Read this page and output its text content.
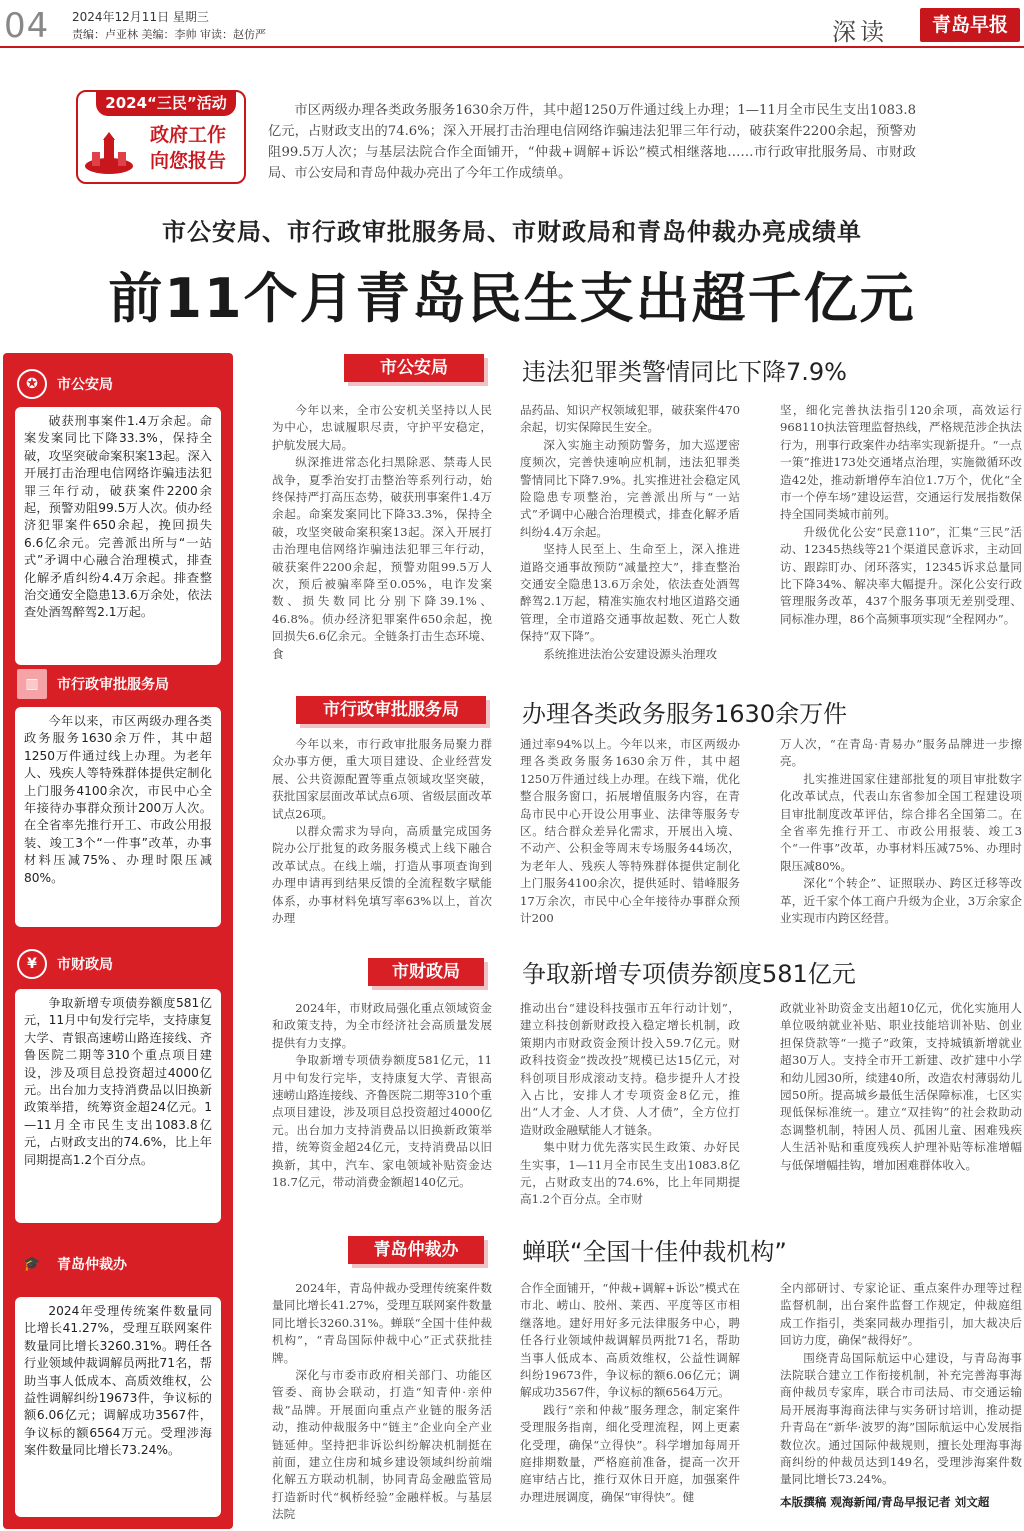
04 2024年12月11日 星期三
责编：卢亚林 美编：李帅 审读：赵仿严	深读	青岛早报
2024“三民”活动
政府工作
向您报告
市区两级办理各类政务服务1630余万件，其中超1250万件通过线上办理；1—11月全市民生支出1083.8亿元，占财政支出的74.6%；深入开展打击治理电信网络诈骗违法犯罪三年行动，破获案件2200余起，预警劝阻99.5万人次；与基层法院合作全面铺开，“仲裁+调解+诉讼”模式相继落地……市行政审批服务局、市财政局、市公安局和青岛仲裁办亮出了今年工作成绩单。
市公安局、市行政审批服务局、市财政局和青岛仲裁办亮成绩单
前11个月青岛民生支出超千亿元
✪	市公安局
破获刑事案件1.4万余起。命案发案同比下降33.3%，保持全破，攻坚突破命案积案13起。深入开展打击治理电信网络诈骗违法犯罪三年行动，破获案件2200余起，预警劝阻99.5万人次。侦办经济犯罪案件650余起，挽回损失6.6亿余元。完善派出所与“一站式”矛调中心融合治理模式，排查化解矛盾纠纷4.4万余起。排查整治交通安全隐患13.6万余处，依法查处酒驾醉驾2.1万起。
▥	市行政审批服务局
今年以来，市区两级办理各类政务服务1630余万件，其中超1250万件通过线上办理。为老年人、残疾人等特殊群体提供定制化上门服务4100余次，市民中心全年接待办事群众预计200万人次。在全省率先推行开工、市政公用报装、竣工3个“一件事”改革，办事材料压减75%、办理时限压减80%。
¥	市财政局
争取新增专项债券额度581亿元，11月中旬发行完毕，支持康复大学、青银高速崂山路连接线、齐鲁医院二期等310个重点项目建设，涉及项目总投资超过4000亿元。出台加力支持消费品以旧换新政策举措，统筹资金超24亿元。1—11月全市民生支出1083.8亿元，占财政支出的74.6%，比上年同期提高1.2个百分点。
🎓	青岛仲裁办
2024年受理传统案件数量同比增长41.27%，受理互联网案件数量同比增长3260.31%。聘任各行业领域仲裁调解员两批71名，帮助当事人低成本、高质效维权，公益性调解纠纷19673件，争议标的额6.06亿元；调解成功3567件，争议标的额6564万元。受理涉海案件数量同比增长73.24%。
市公安局	违法犯罪类警情同比下降7.9%
今年以来，全市公安机关坚持以人民为中心，忠诚履职尽责，守护平安稳定，护航发展大局。
纵深推进常态化扫黑除恶、禁毒人民战争，夏季治安打击整治等系列行动，始终保持严打高压态势，破获刑事案件1.4万余起。命案发案同比下降33.3%，保持全破，攻坚突破命案积案13起。深入开展打击治理电信网络诈骗违法犯罪三年行动，破获案件2200余起，预警劝阻99.5万人次，预后被骗率降至0.05%，电诈发案数、损失数同比分别下降39.1%、46.8%。侦办经济犯罪案件650余起，挽回损失6.6亿余元。全链条打击生态环境、食
品药品、知识产权领域犯罪，破获案件470余起，切实保障民生安全。
深入实施主动预防警务，加大巡逻密度频次，完善快速响应机制，违法犯罪类警情同比下降7.9%。扎实推进社会稳定风险隐患专项整治，完善派出所与“一站式”矛调中心融合治理模式，排查化解矛盾纠纷4.4万余起。
坚持人民至上、生命至上，深入推进道路交通事故预防“减量控大”，排查整治交通安全隐患13.6万余处，依法查处酒驾醉驾2.1万起，精准实施农村地区道路交通管理，全市道路交通事故起数、死亡人数保持“双下降”。
系统推进法治公安建设源头治理攻
坚，细化完善执法指引120余项，高效运行968110执法管理监督热线，严格规范涉企执法行为，刑事行政案件办结率实现新提升。“一点一策”推进173处交通堵点治理，实施微循环改造42处，推动新增停车泊位1.7万个，优化“全市一个停车场”建设运营，交通运行发展指数保持全国同类城市前列。
升级优化公安“民意110”，汇集“三民”活动、12345热线等21个渠道民意诉求，主动回访、跟踪盯办、闭环落实，12345诉求总量同比下降34%、解决率大幅提升。深化公安行政管理服务改革，437个服务事项无差别受理、同标准办理，86个高频事项实现“全程网办”。
市行政审批服务局	办理各类政务服务1630余万件
今年以来，市行政审批服务局聚力群众办事方便，重大项目建设、企业经营发展、公共资源配置等重点领域攻坚突破，获批国家层面改革试点6项、省级层面改革试点26项。
以群众需求为导向，高质量完成国务院办公厅批复的政务服务模式上线下融合改革试点。在线上端，打造从事项查询到办理申请再到结果反馈的全流程数字赋能体系，办事材料免填写率63%以上，首次办理
通过率94%以上。今年以来，市区两级办理各类政务服务1630余万件，其中超1250万件通过线上办理。在线下端，优化整合服务窗口，拓展增值服务内容，在青岛市民中心开设公用事业、法律等服务专区。结合群众差异化需求，开展出入境、不动产、公积金等周末专场服务44场次，为老年人、残疾人等特殊群体提供定制化上门服务4100余次，提供延时、错峰服务17万余次，市民中心全年接待办事群众预计200
万人次，“在青岛·青易办”服务品牌进一步擦亮。
扎实推进国家住建部批复的项目审批数字化改革试点，代表山东省参加全国工程建设项目审批制度改革评估，综合排名全国第二。在全省率先推行开工、市政公用报装、竣工3个“一件事”改革，办事材料压减75%、办理时限压减80%。
深化“个转企”、证照联办、跨区迁移等改革，近千家个体工商户升级为企业，3万余家企业实现市内跨区经营。
市财政局	争取新增专项债券额度581亿元
2024年，市财政局强化重点领域资金和政策支持，为全市经济社会高质量发展提供有力支撑。
争取新增专项债券额度581亿元，11月中旬发行完毕，支持康复大学、青银高速崂山路连接线、齐鲁医院二期等310个重点项目建设，涉及项目总投资超过4000亿元。出台加力支持消费品以旧换新政策举措，统筹资金超24亿元，支持消费品以旧换新，其中，汽车、家电领域补贴资金达18.7亿元，带动消费金额超140亿元。
推动出台“建设科技强市五年行动计划”，建立科技创新财政投入稳定增长机制，政策期内市财政资金预计投入59.7亿元。财政科技资金“拨改投”规模已达15亿元，对科创项目形成滚动支持。稳步提升人才投入占比，安排人才专项资金8亿元，推出“人才金、人才贷、人才债”，全方位打造财政金融赋能人才链条。
集中财力优先落实民生政策、办好民生实事，1—11月全市民生支出1083.8亿元，占财政支出的74.6%，比上年同期提高1.2个百分点。全市财
政就业补助资金支出超10亿元，优化实施用人单位吸纳就业补贴、职业技能培训补贴、创业担保贷款等“一揽子”政策，支持城镇新增就业超30万人。支持全市开工新建、改扩建中小学和幼儿园30所，续建40所，改造农村薄弱幼儿园50所。提高城乡最低生活保障标准，七区实现低保标准统一。建立“双挂钩”的社会救助动态调整机制，特困人员、孤困儿童、困难残疾人生活补贴和重度残疾人护理补贴等标准增幅与低保增幅挂钩，增加困难群体收入。
青岛仲裁办	蝉联“全国十佳仲裁机构”
2024年，青岛仲裁办受理传统案件数量同比增长41.27%，受理互联网案件数量同比增长3260.31%。蝉联“全国十佳仲裁机构”，“青岛国际仲裁中心”正式获批挂牌。
深化与市委市政府相关部门、功能区管委、商协会联动，打造“知青仲·亲仲裁”品牌。开展面向重点产业链的服务活动，推动仲裁服务中“链主”企业向全产业链延伸。坚持把非诉讼纠纷解决机制挺在前面，建立住房和城乡建设领域纠纷前端化解五方联动机制，协同青岛金融监管局打造新时代“枫桥经验”金融样板。与基层法院
合作全面铺开，“仲裁+调解+诉讼”模式在市北、崂山、胶州、莱西、平度等区市相继落地。建好用好多元法律服务中心，聘任各行业领域仲裁调解员两批71名，帮助当事人低成本、高质效维权，公益性调解纠纷19673件，争议标的额6.06亿元；调解成功3567件，争议标的额6564万元。
践行“亲和仲裁”服务理念，制定案件受理服务指南，细化受理流程，网上更素化受理，确保“立得快”。科学增加每周开庭排期数量，严格庭前准备，提高一次开庭审结占比，推行双休日开庭，加强案件办理进展调度，确保“审得快”。健
全内部研讨、专家论证、重点案件办理等过程监督机制，出台案件监督工作规定，仲裁庭组成工作指引，类案同裁办理指引，加大裁决后回访力度，确保“裁得好”。
围绕青岛国际航运中心建设，与青岛海事法院联合建立工作衔接机制，补充完善海事海商仲裁员专家库，联合市司法局、市交通运输局开展海事海商法律与实务研讨培训，推动提升青岛在“新华·波罗的海”国际航运中心发展指数位次。通过国际仲裁规则，擅长处理海事海商纠纷的仲裁员达到149名，受理涉海案件数量同比增长73.24%。
本版撰稿 观海新闻/青岛早报记者 刘文超
